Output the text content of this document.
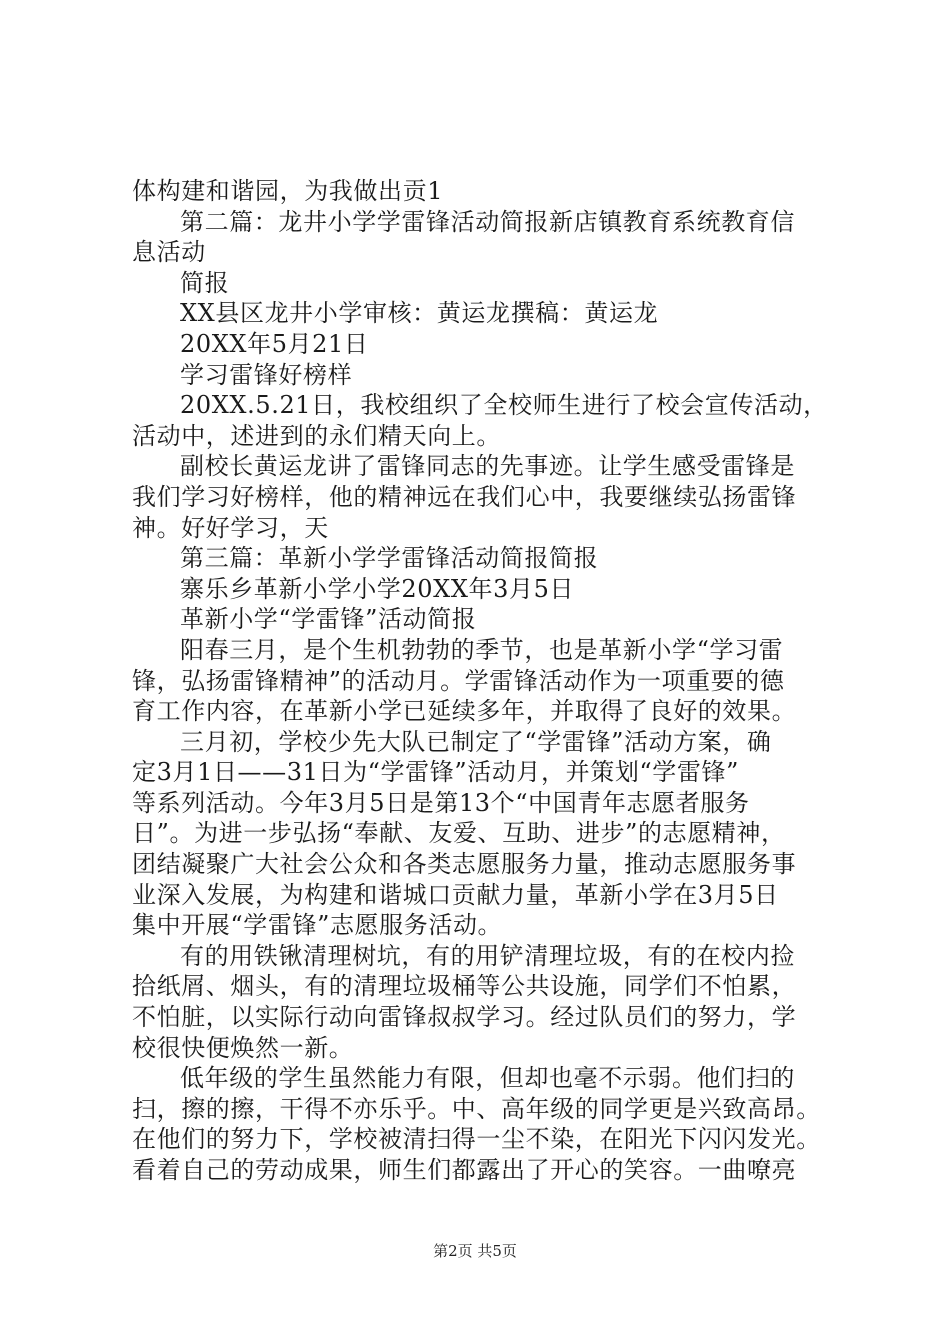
体构建和谐园，为我做出贡1
第二篇：龙井小学学雷锋活动简报新店镇教育系统教育信
息活动
简报
XX县区龙井小学审核：黄运龙撰稿：黄运龙
20XX年5月21日
学习雷锋好榜样
20XX.5.21日，我校组织了全校师生进行了校会宣传活动，
活动中，述进到的永们精天向上。
副校长黄运龙讲了雷锋同志的先事迹。让学生感受雷锋是
我们学习好榜样，他的精神远在我们心中，我要继续弘扬雷锋
神。好好学习，天
第三篇：革新小学学雷锋活动简报简报
寨乐乡革新小学小学20XX年3月5日
革新小学“学雷锋”活动简报
阳春三月，是个生机勃勃的季节，也是革新小学“学习雷
锋，弘扬雷锋精神”的活动月。学雷锋活动作为一项重要的德
育工作内容，在革新小学已延续多年，并取得了良好的效果。
三月初，学校少先大队已制定了“学雷锋”活动方案，确
定3月1日——31日为“学雷锋”活动月，并策划“学雷锋”
等系列活动。今年3月5日是第13个“中国青年志愿者服务
日”。为进一步弘扬“奉献、友爱、互助、进步”的志愿精神，
团结凝聚广大社会公众和各类志愿服务力量，推动志愿服务事
业深入发展，为构建和谐城口贡献力量，革新小学在3月5日
集中开展“学雷锋”志愿服务活动。
有的用铁锹清理树坑，有的用铲清理垃圾，有的在校内捡
拾纸屑、烟头，有的清理垃圾桶等公共设施，同学们不怕累，
不怕脏，以实际行动向雷锋叔叔学习。经过队员们的努力，学
校很快便焕然一新。
低年级的学生虽然能力有限，但却也毫不示弱。他们扫的
扫，擦的擦，干得不亦乐乎。中、高年级的同学更是兴致高昂。
在他们的努力下，学校被清扫得一尘不染，在阳光下闪闪发光。
看着自己的劳动成果，师生们都露出了开心的笑容。一曲嘹亮
第2页 共5页
